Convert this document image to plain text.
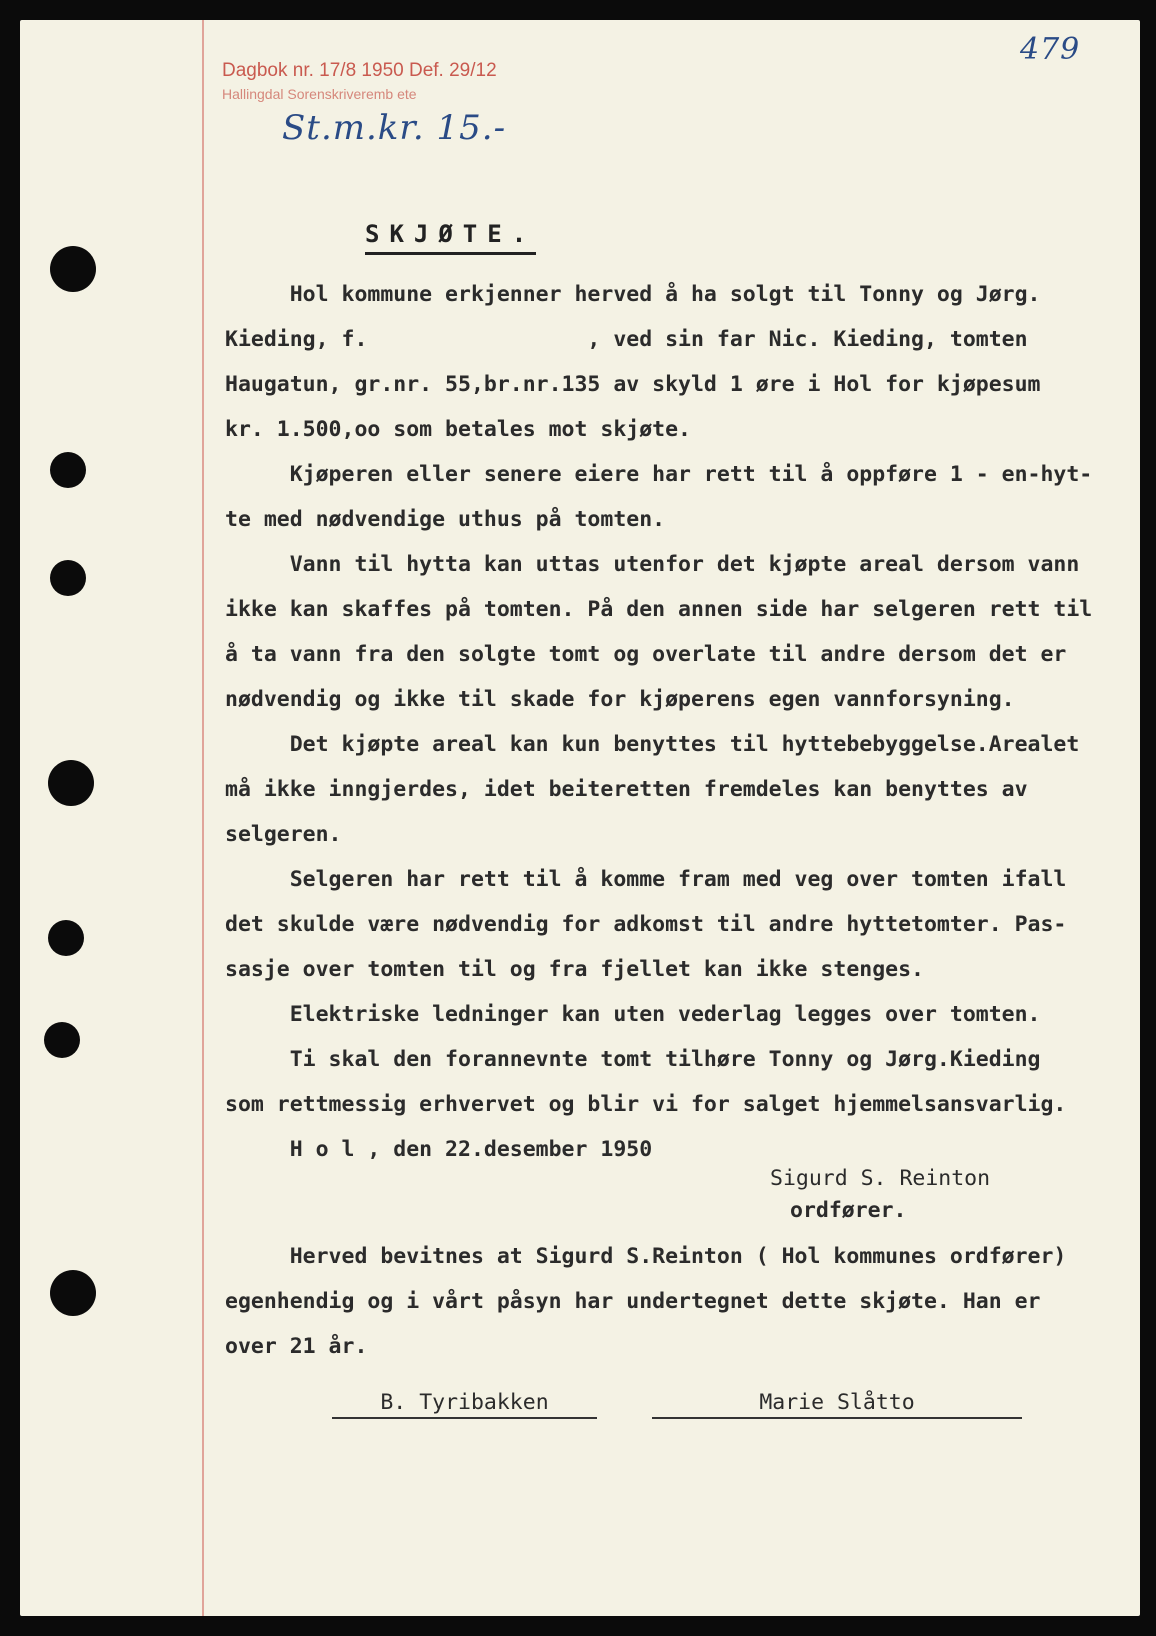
Dagbok nr. 17/8 1950 Def. 29/12
Hallingdal Sorenskriveremb ete
St.m.kr. 15.-
479
SKJØTE.

Hol kommune erkjenner herved å ha solgt til Tonny og Jørg.

Kieding, f.                 , ved sin far Nic. Kieding, tomten

Haugatun, gr.nr. 55,br.nr.135 av skyld 1 øre i Hol for kjøpesum

kr. 1.500,oo som betales mot skjøte.

Kjøperen eller senere eiere har rett til å oppføre 1 - en-hyt-

te med nødvendige uthus på tomten.

Vann til hytta kan uttas utenfor det kjøpte areal dersom vann

ikke kan skaffes på tomten. På den annen side har selgeren rett til

å ta vann fra den solgte tomt og overlate til andre dersom det er

nødvendig og ikke til skade for kjøperens egen vannforsyning.

Det kjøpte areal kan kun benyttes til hyttebebyggelse.Arealet

må ikke inngjerdes, idet beiteretten fremdeles kan benyttes av

selgeren.

Selgeren har rett til å komme fram med veg over tomten ifall

det skulde være nødvendig for adkomst til andre hyttetomter. Pas-

sasje over tomten til og fra fjellet kan ikke stenges.

Elektriske ledninger kan uten vederlag legges over tomten.

Ti skal den forannevnte tomt tilhøre Tonny og Jørg.Kieding

som rettmessig erhvervet og blir vi for salget hjemmelsansvarlig.

H o l , den 22.desember 1950

Sigurd S. Reinton
ordfører.

Herved bevitnes at Sigurd S.Reinton ( Hol kommunes ordfører)

egenhendig og i vårt påsyn har undertegnet dette skjøte. Han er

over 21 år.

B. Tyribakken	Marie Slåtto
